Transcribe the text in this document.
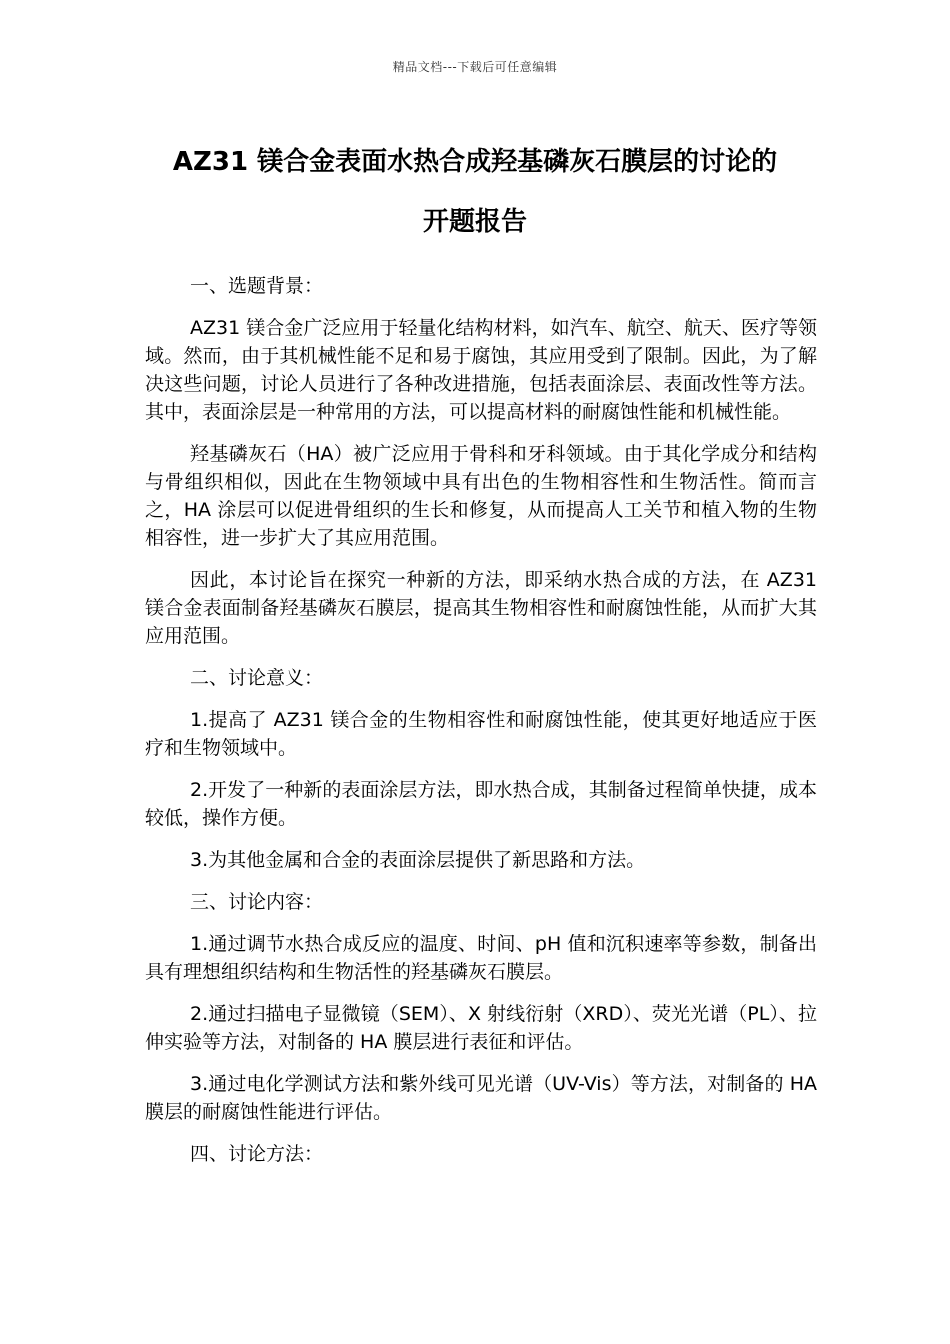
精品文档---下载后可任意编辑
AZ31 镁合金表面水热合成羟基磷灰石膜层的讨论的
开题报告

一、选题背景：

AZ31 镁合金广泛应用于轻量化结构材料，如汽车、航空、航天、医疗等领域。然而，由于其机械性能不足和易于腐蚀，其应用受到了限制。因此，为了解决这些问题，讨论人员进行了各种改进措施，包括表面涂层、表面改性等方法。其中，表面涂层是一种常用的方法，可以提高材料的耐腐蚀性能和机械性能。

羟基磷灰石（HA）被广泛应用于骨科和牙科领域。由于其化学成分和结构与骨组织相似，因此在生物领域中具有出色的生物相容性和生物活性。简而言之，HA 涂层可以促进骨组织的生长和修复，从而提高人工关节和植入物的生物相容性，进一步扩大了其应用范围。

因此，本讨论旨在探究一种新的方法，即采纳水热合成的方法，在 AZ31 镁合金表面制备羟基磷灰石膜层，提高其生物相容性和耐腐蚀性能，从而扩大其应用范围。

二、讨论意义：

1.提高了 AZ31 镁合金的生物相容性和耐腐蚀性能，使其更好地适应于医疗和生物领域中。

2.开发了一种新的表面涂层方法，即水热合成，其制备过程简单快捷，成本较低，操作方便。

3.为其他金属和合金的表面涂层提供了新思路和方法。

三、讨论内容：

1.通过调节水热合成反应的温度、时间、pH 值和沉积速率等参数，制备出具有理想组织结构和生物活性的羟基磷灰石膜层。

2.通过扫描电子显微镜（SEM）、X 射线衍射（XRD）、荧光光谱（PL）、拉伸实验等方法，对制备的 HA 膜层进行表征和评估。

3.通过电化学测试方法和紫外线可见光谱（UV-Vis）等方法，对制备的 HA 膜层的耐腐蚀性能进行评估。

四、讨论方法：
